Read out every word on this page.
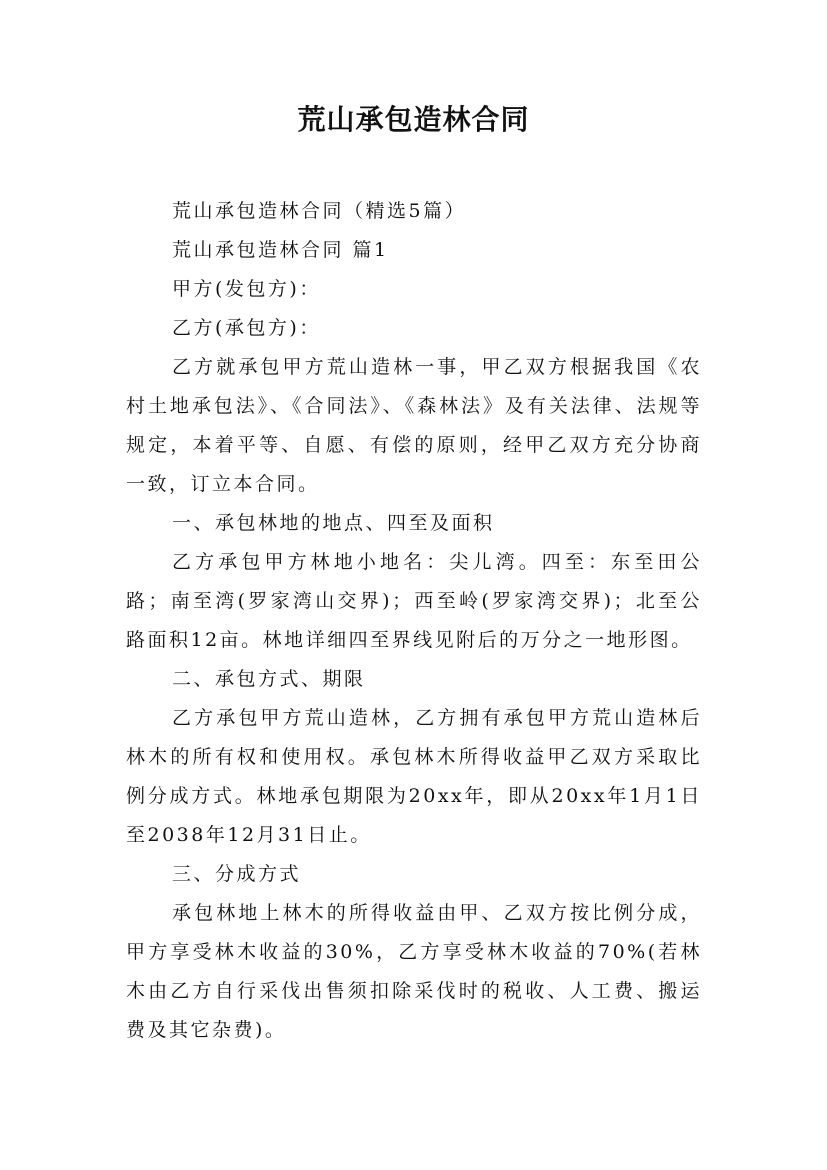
荒山承包造林合同

荒山承包造林合同（精选5篇）

荒山承包造林合同 篇1

甲方(发包方)：

乙方(承包方)：

乙方就承包甲方荒山造林一事，甲乙双方根据我国《农村土地承包法》、《合同法》、《森林法》及有关法律、法规等规定，本着平等、自愿、有偿的原则，经甲乙双方充分协商一致，订立本合同。

一、承包林地的地点、四至及面积

乙方承包甲方林地小地名：尖儿湾。四至：东至田公路；南至湾(罗家湾山交界)；西至岭(罗家湾交界)；北至公路面积12亩。林地详细四至界线见附后的万分之一地形图。

二、承包方式、期限

乙方承包甲方荒山造林，乙方拥有承包甲方荒山造林后林木的所有权和使用权。承包林木所得收益甲乙双方采取比例分成方式。林地承包期限为20xx年，即从20xx年1月1日 至2038年12月31日止。

三、分成方式

承包林地上林木的所得收益由甲、乙双方按比例分成，甲方享受林木收益的30%，乙方享受林木收益的70%(若林木由乙方自行采伐出售须扣除采伐时的税收、人工费、搬运费及其它杂费)。
